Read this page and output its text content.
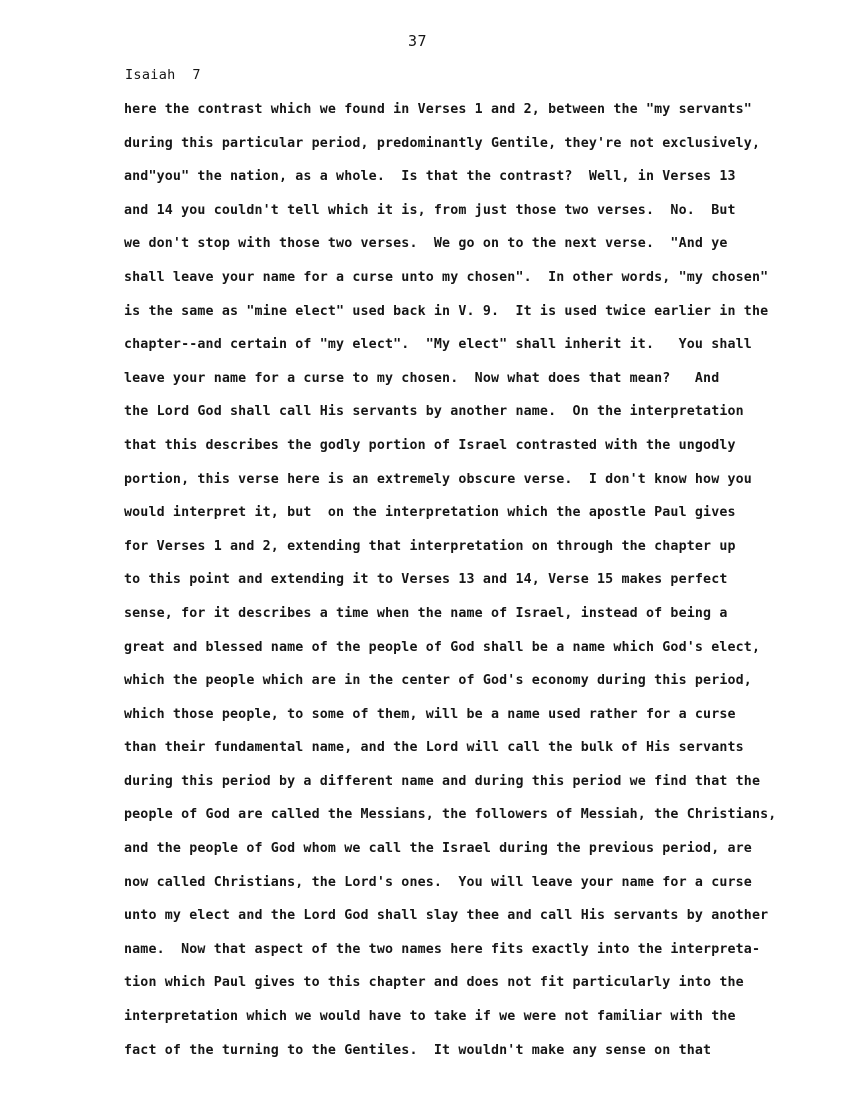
37
Isaiah  7
here the contrast which we found in Verses 1 and 2, between the "my servants"
during this particular period, predominantly Gentile, they're not exclusively,
and"you" the nation, as a whole.  Is that the contrast?  Well, in Verses 13
and 14 you couldn't tell which it is, from just those two verses.  No.  But
we don't stop with those two verses.  We go on to the next verse.  "And ye
shall leave your name for a curse unto my chosen".  In other words, "my chosen"
is the same as "mine elect" used back in V. 9.  It is used twice earlier in the
chapter--and certain of "my elect".  "My elect" shall inherit it.   You shall
leave your name for a curse to my chosen.  Now what does that mean?   And
the Lord God shall call His servants by another name.  On the interpretation
that this describes the godly portion of Israel contrasted with the ungodly
portion, this verse here is an extremely obscure verse.  I don't know how you
would interpret it, but  on the interpretation which the apostle Paul gives
for Verses 1 and 2, extending that interpretation on through the chapter up
to this point and extending it to Verses 13 and 14, Verse 15 makes perfect
sense, for it describes a time when the name of Israel, instead of being a
great and blessed name of the people of God shall be a name which God's elect,
which the people which are in the center of God's economy during this period,
which those people, to some of them, will be a name used rather for a curse
than their fundamental name, and the Lord will call the bulk of His servants
during this period by a different name and during this period we find that the
people of God are called the Messians, the followers of Messiah, the Christians,
and the people of God whom we call the Israel during the previous period, are
now called Christians, the Lord's ones.  You will leave your name for a curse
unto my elect and the Lord God shall slay thee and call His servants by another
name.  Now that aspect of the two names here fits exactly into the interpreta-
tion which Paul gives to this chapter and does not fit particularly into the
interpretation which we would have to take if we were not familiar with the
fact of the turning to the Gentiles.  It wouldn't make any sense on that
